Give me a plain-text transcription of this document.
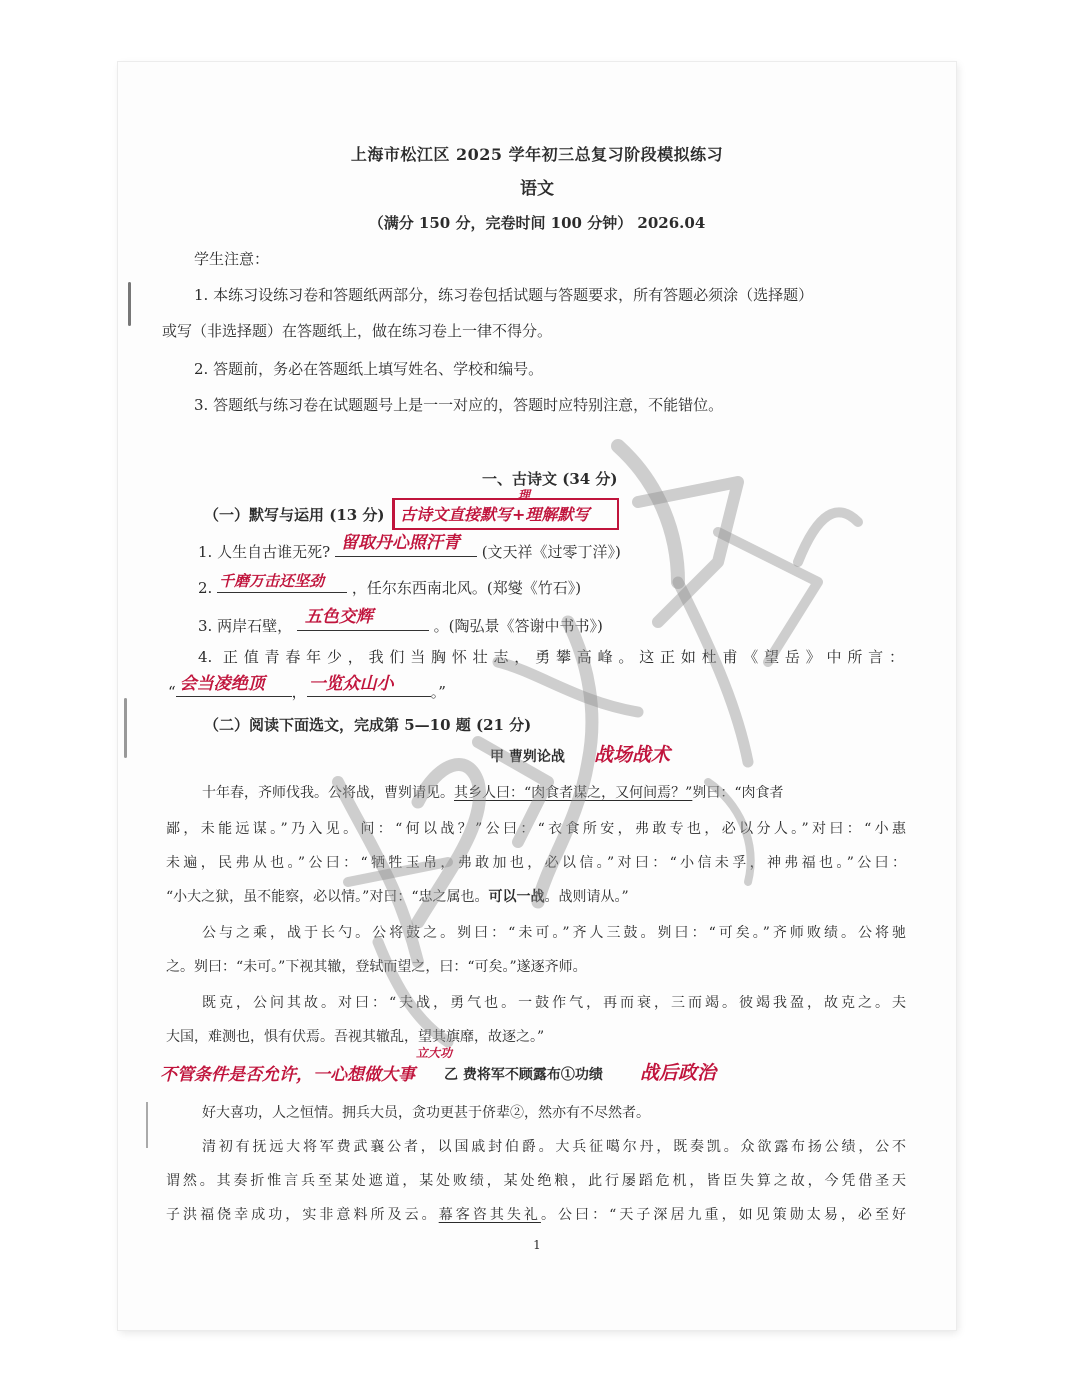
上海市松江区 2025 学年初三总复习阶段模拟练习
语文
（满分 150 分，完卷时间 100 分钟） 2026.04
学生注意：
1. 本练习设练习卷和答题纸两部分，练习卷包括试题与答题要求，所有答题必须涂（选择题）
或写（非选择题）在答题纸上，做在练习卷上一律不得分。
2. 答题前，务必在答题纸上填写姓名、学校和编号。
3. 答题纸与练习卷在试题题号上是一一对应的，答题时应特别注意，不能错位。
一、古诗文 (34 分)
（一）默写与运用 (13 分) 古诗文直接默写+理解默写
理
1. 人生自古谁无死? 留取丹心照汗青 (文天祥《过零丁洋》)
2. 千磨万击还坚劲 ，任尔东西南北风。(郑燮《竹石》)
3. 两岸石壁， 五色交辉	。(陶弘景《答谢中书书》)
4. 正值青春年少，我们当胸怀壮志，勇攀高峰。这正如杜甫《望岳》中所言：
“ 会当凌绝顶 ， 一览众山小 。”
（二）阅读下面选文，完成第 5—10 题 (21 分)
甲 曹刿论战 战场战术
十年春，齐师伐我。公将战，曹刿请见。其乡人曰：“肉食者谋之，又何间焉？”刿曰：“肉食者
鄙，未能远谋。”乃入见。问：“何以战？”公曰：“衣食所安，弗敢专也，必以分人。”对曰：“小惠
未遍，民弗从也。”公曰：“牺牲玉帛，弗敢加也，必以信。”对曰：“小信未孚，神弗福也。”公曰：
“小大之狱，虽不能察，必以情。”对曰：“忠之属也。可以一战。战则请从。”
公与之乘，战于长勺。公将鼓之。刿曰：“未可。”齐人三鼓。刿曰：“可矣。”齐师败绩。公将驰
之。刿曰：“未可。”下视其辙，登轼而望之，曰：“可矣。”遂逐齐师。
既克，公问其故。对曰：“夫战，勇气也。一鼓作气，再而衰，三而竭。彼竭我盈，故克之。夫
大国，难测也，惧有伏焉。吾视其辙乱，望其旗靡，故逐之。”
不管条件是否允许，一心想做大事
立大功
乙 费将军不顾露布①功绩 战后政治
好大喜功，人之恒情。拥兵大员，贪功更甚于侪辈②，然亦有不尽然者。
清初有抚远大将军费武襄公者，以国戚封伯爵。大兵征噶尔丹，既奏凯。众欲露布扬公绩，公不
谓然。其奏折惟言兵至某处遮道，某处败绩，某处绝粮，此行屡蹈危机，皆臣失算之故，今凭借圣天
子洪福侥幸成功，实非意料所及云。幕客咨其失礼。公曰：“天子深居九重，如见策勋太易，必至好
1
